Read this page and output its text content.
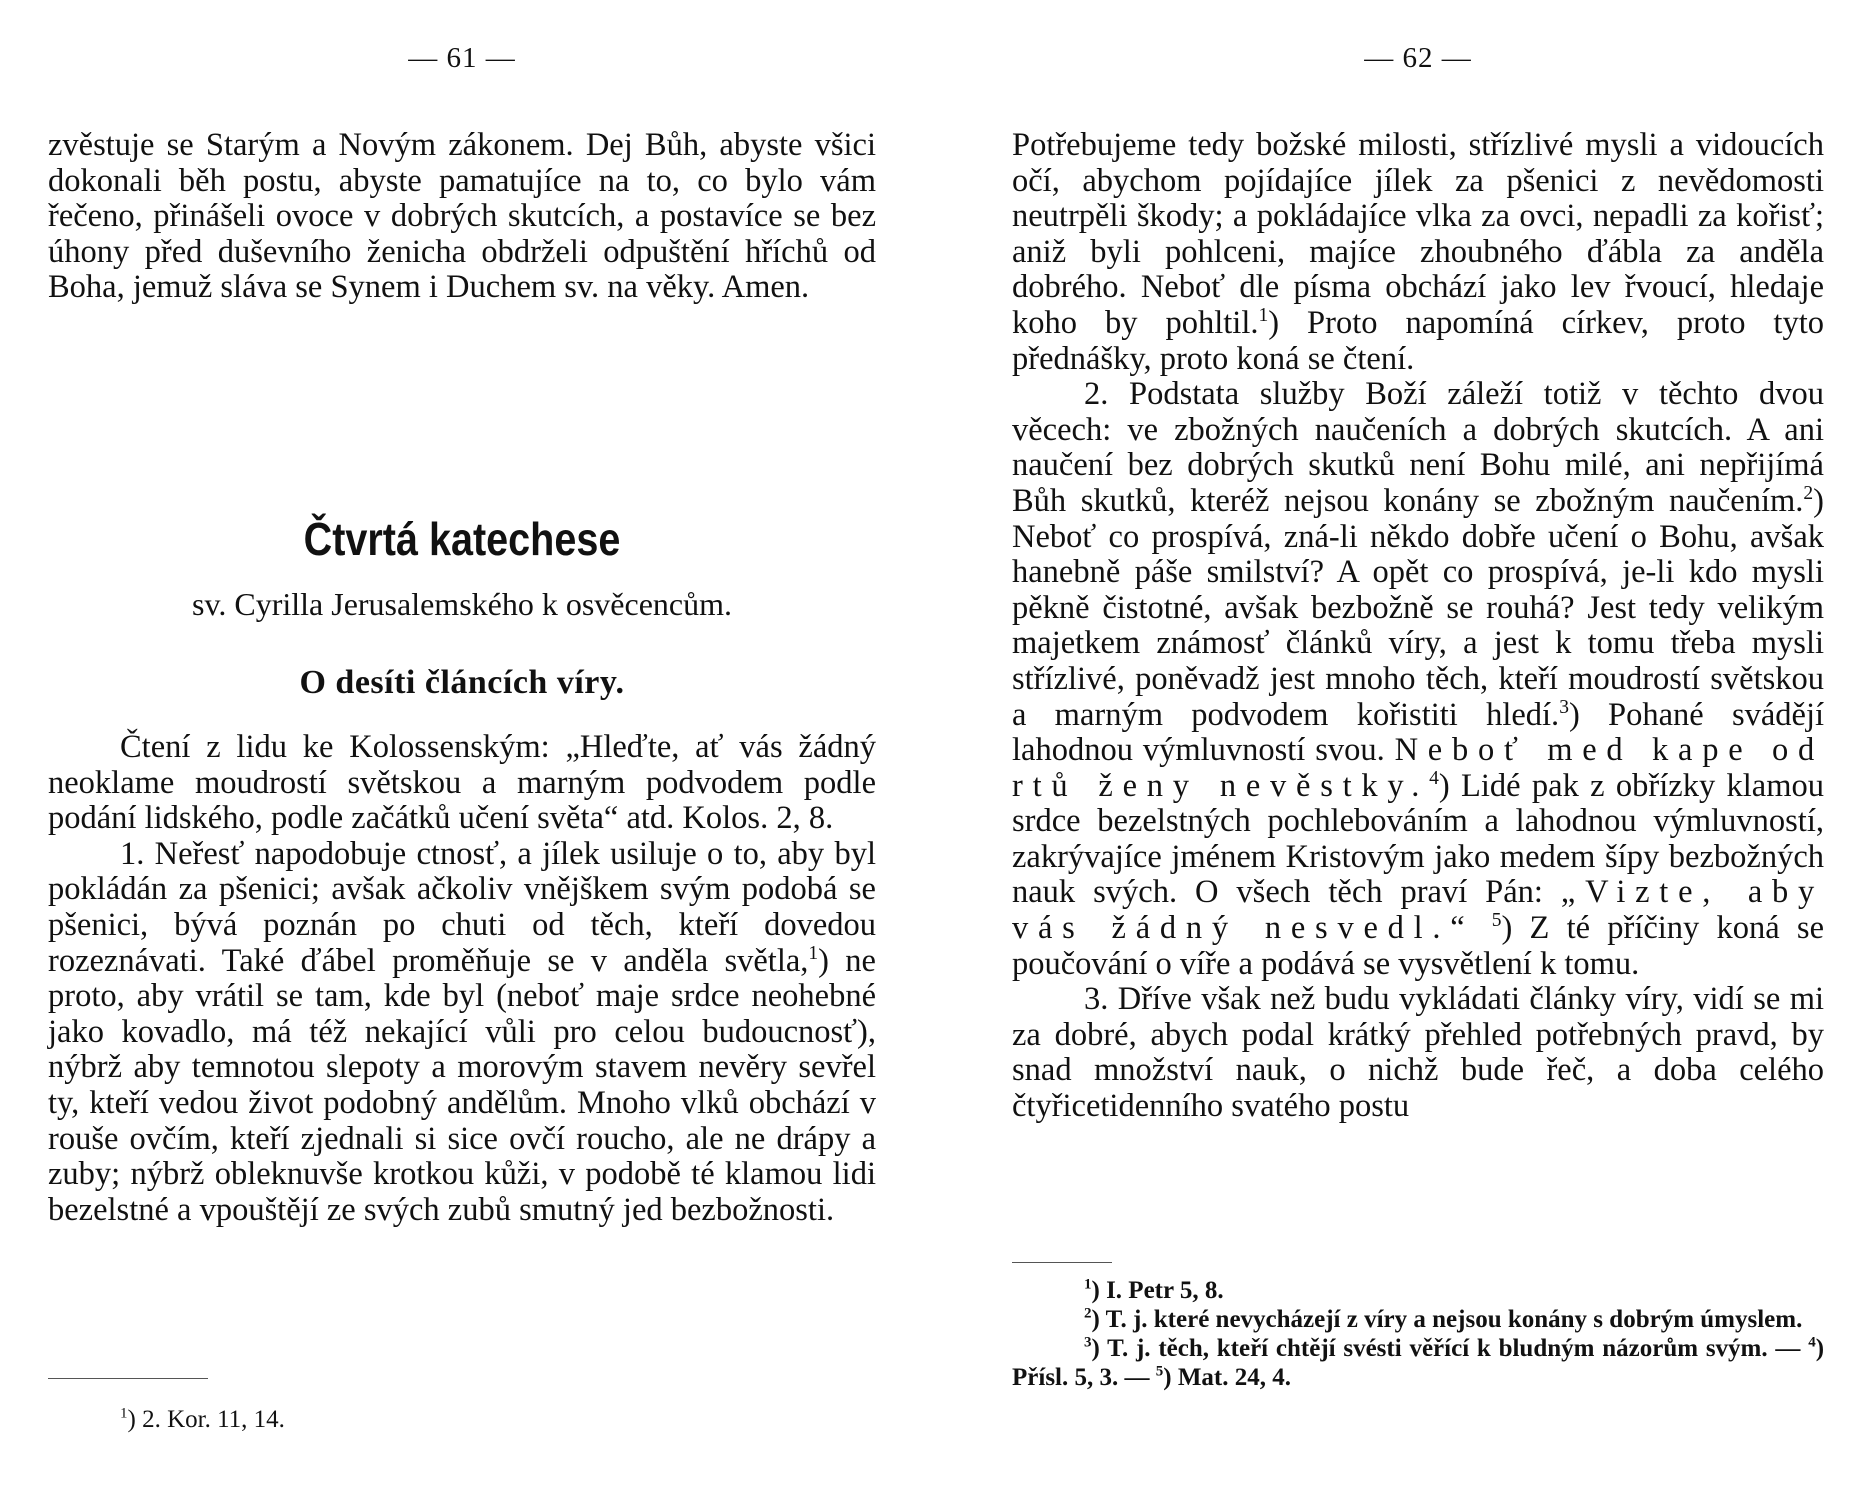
— 61 —

zvěstuje se Starým a Novým zákonem. Dej Bůh, abyste všici dokonali běh postu, abyste pamatujíce na to, co bylo vám řečeno, přinášeli ovoce v dobrých skutcích, a postavíce se bez úhony před duševního ženicha obdrželi odpuštění hříchů od Boha, jemuž sláva se Synem i Duchem sv. na věky. Amen.

Čtvrtá katechese
sv. Cyrilla Jerusalemského k osvěcencům.
O desíti článcích víry.

Čtení z lidu ke Kolossenským: „Hleďte, ať vás žádný neoklame moudrostí světskou a marným podvodem podle podání lidského, podle začátků učení světa“ atd. Kolos. 2, 8.

1. Neřesť napodobuje ctnosť, a jílek usiluje o to, aby byl pokládán za pšenici; avšak ačkoliv vnějškem svým podobá se pšenici, bývá poznán po chuti od těch, kteří dovedou rozeznávati. Také ďábel proměňuje se v anděla světla,$^1$) ne proto, aby vrátil se tam, kde byl (neboť maje srdce neohebné jako kovadlo, má též nekající vůli pro celou budoucnosť), nýbrž aby temnotou slepoty a morovým stavem nevěry sevřel ty, kteří vedou život podobný andělům. Mnoho vlků obchází v rouše ovčím, kteří zjednali si sice ovčí roucho, ale ne drápy a zuby; nýbrž obleknuvše krotkou kůži, v podobě té klamou lidi bezelstné a vpouštějí ze svých zubů smutný jed bezbožnosti.

$^1$) 2. Kor. 11, 14.

— 62 —

Potřebujeme tedy božské milosti, střízlivé mysli a vidoucích očí, abychom pojídajíce jílek za pšenici z nevědomosti neutrpěli škody; a pokládajíce vlka za ovci, nepadli za kořisť; aniž byli pohlceni, majíce zhoubného ďábla za anděla dobrého. Neboť dle písma obchází jako lev řvoucí, hledaje koho by pohltil.$^1$) Proto napomíná církev, proto tyto přednášky, proto koná se čtení.

2. Podstata služby Boží záleží totiž v těchto dvou věcech: ve zbožných naučeních a dobrých skutcích. A ani naučení bez dobrých skutků není Bohu milé, ani nepřijímá Bůh skutků, kteréž nejsou konány se zbožným naučením.$^2$) Neboť co prospívá, zná-li někdo dobře učení o Bohu, avšak hanebně páše smilství? A opět co prospívá, je-li kdo mysli pěkně čistotné, avšak bezbožně se rouhá? Jest tedy velikým majetkem známosť článků víry, a jest k tomu třeba mysli střízlivé, poněvadž jest mnoho těch, kteří moudrostí světskou a marným podvodem kořistiti hledí.$^3$) Pohané svádějí lahodnou výmluvností svou. Neboť med kape od rtů ženy nevěstky.$^4$) Lidé pak z obřízky klamou srdce bezelstných pochlebováním a lahodnou výmluvností, zakrývajíce jménem Kristovým jako medem šípy bezbožných nauk svých. O všech těch praví Pán: „Vizte, aby vás žádný nesvedl.“ $^5$) Z té příčiny koná se poučování o víře a podává se vysvětlení k tomu.

3. Dříve však než budu vykládati články víry, vidí se mi za dobré, abych podal krátký přehled potřebných pravd, by snad množství nauk, o nichž bude řeč, a doba celého čtyřicetidenního svatého postu

$^1$) I. Petr 5, 8.

$^2$) T. j. které nevycházejí z víry a nejsou konány s dobrým úmyslem.

$^3$) T. j. těch, kteří chtějí svésti věřící k bludným názorům svým. — $^4$) Přísl. 5, 3. — $^5$) Mat. 24, 4.
